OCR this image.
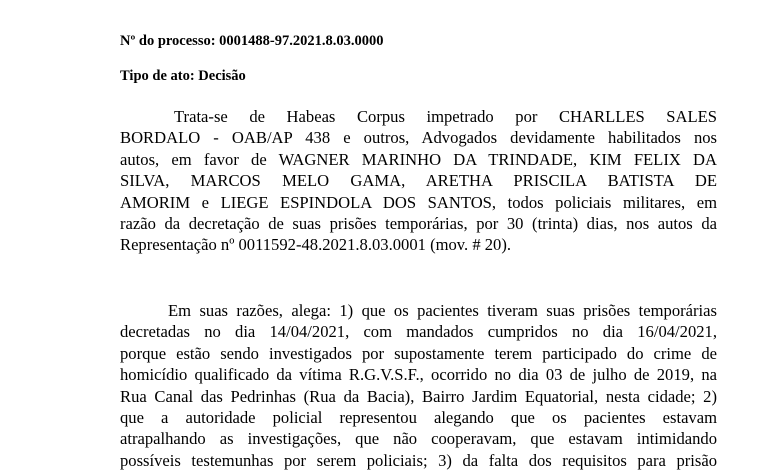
Nº do processo: 0001488-97.2021.8.03.0000
Tipo de ato: Decisão

Trata-se de Habeas Corpus impetrado por CHARLLES SALES
BORDALO - OAB/AP 438 e outros, Advogados devidamente habilitados nos
autos, em favor de WAGNER MARINHO DA TRINDADE, KIM FELIX DA
SILVA, MARCOS MELO GAMA, ARETHA PRISCILA BATISTA DE
AMORIM e LIEGE ESPINDOLA DOS SANTOS, todos policiais militares, em
razão da decretação de suas prisões temporárias, por 30 (trinta) dias, nos autos da
Representação nº 0011592-48.2021.8.03.0001 (mov. # 20).

Em suas razões, alega: 1) que os pacientes tiveram suas prisões temporárias
decretadas no dia 14/04/2021, com mandados cumpridos no dia 16/04/2021,
porque estão sendo investigados por supostamente terem participado do crime de
homicídio qualificado da vítima R.G.V.S.F., ocorrido no dia 03 de julho de 2019, na
Rua Canal das Pedrinhas (Rua da Bacia), Bairro Jardim Equatorial, nesta cidade; 2)
que a autoridade policial representou alegando que os pacientes estavam
atrapalhando as investigações, que não cooperavam, que estavam intimidando
possíveis testemunhas por serem policiais; 3) da falta dos requisitos para prisão
